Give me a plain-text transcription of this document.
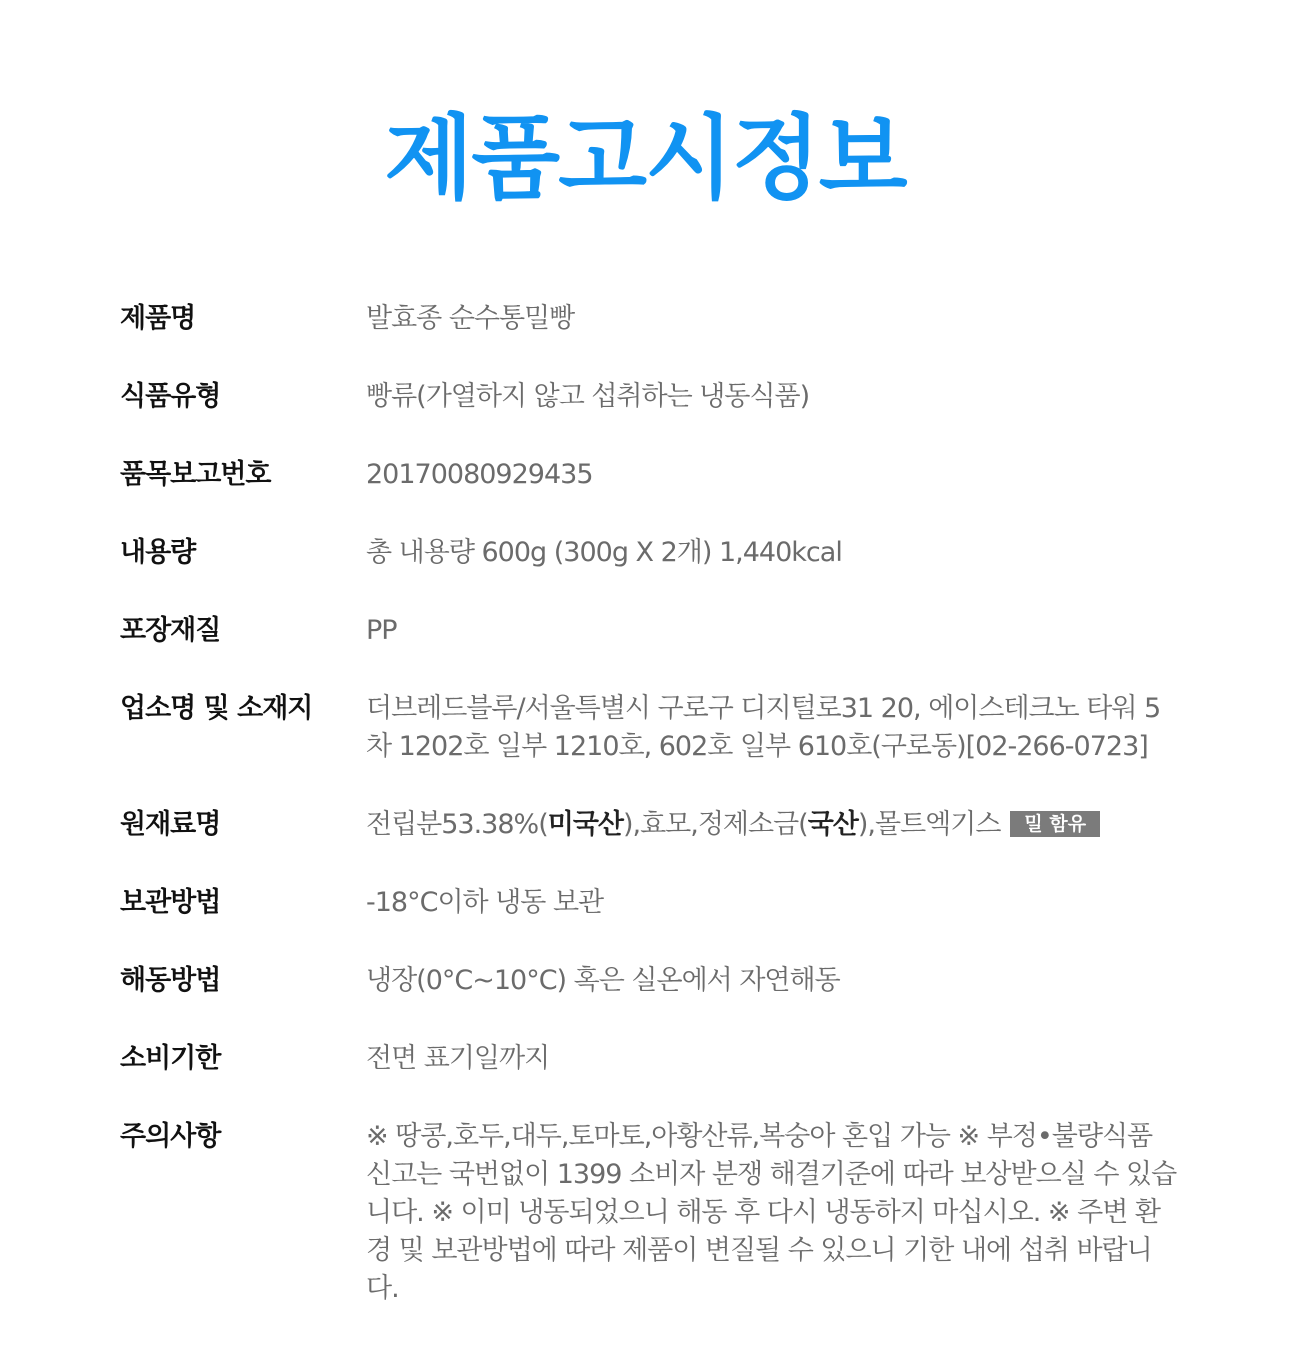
제품고시정보
제품명	발효종 순수통밀빵
식품유형	빵류(가열하지 않고 섭취하는 냉동식품)
품목보고번호	20170080929435
내용량	총 내용량 600g (300g X 2개) 1,440kcal
포장재질	PP
업소명 및 소재지	더브레드블루/서울특별시 구로구 디지털로31 20, 에이스테크노 타워 5차 1202호 일부 1210호, 602호 일부 610호(구로동)[02-266-0723]
원재료명	전립분53.38%(미국산),효모,정제소금(국산),몰트엑기스 밀 함유
보관방법	-18°C이하 냉동 보관
해동방법	냉장(0°C~10°C) 혹은 실온에서 자연해동
소비기한	전면 표기일까지
주의사항	※ 땅콩,호두,대두,토마토,아황산류,복숭아 혼입 가능 ※ 부정•불량식품 신고는 국번없이 1399 소비자 분쟁 해결기준에 따라 보상받으실 수 있습니다. ※ 이미 냉동되었으니 해동 후 다시 냉동하지 마십시오. ※ 주변 환경 및 보관방법에 따라 제품이 변질될 수 있으니 기한 내에 섭취 바랍니다.
